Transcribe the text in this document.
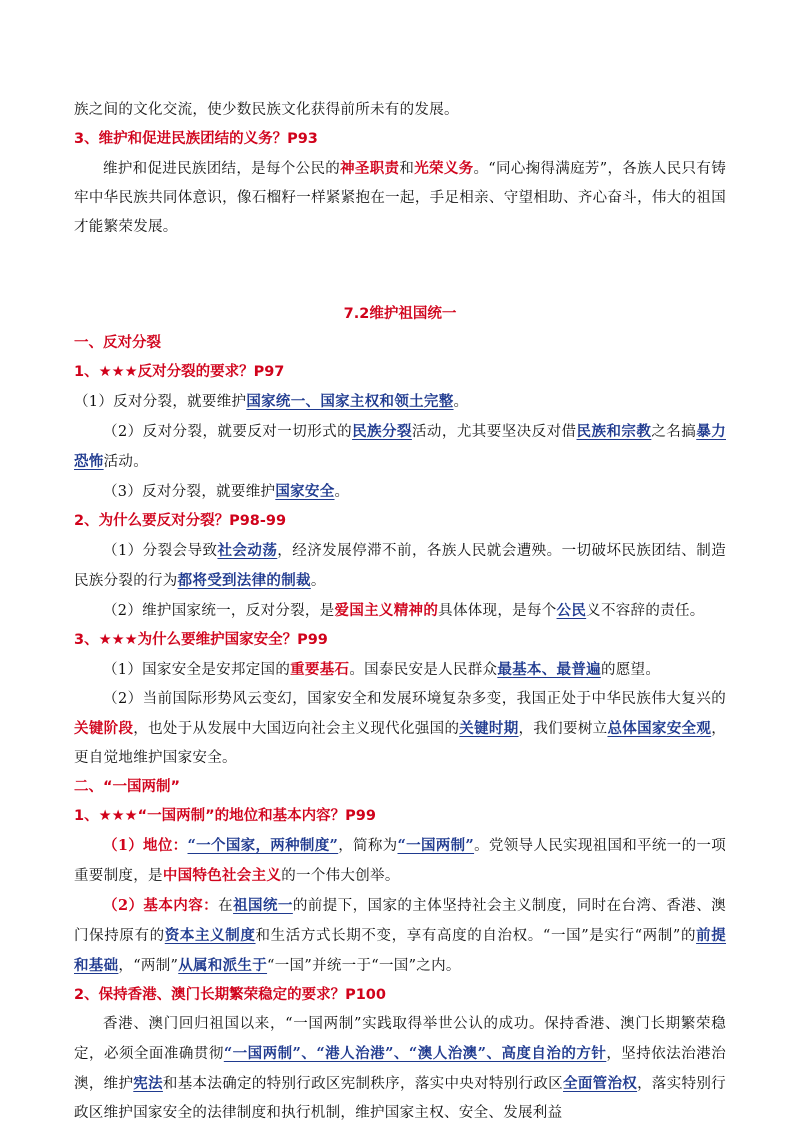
族之间的文化交流，使少数民族文化获得前所未有的发展。

3、维护和促进民族团结的义务？P93

维护和促进民族团结，是每个公民的神圣职责和光荣义务。“同心掬得满庭芳”，各族人民只有铸牢中华民族共同体意识，像石榴籽一样紧紧抱在一起，手足相亲、守望相助、齐心奋斗，伟大的祖国才能繁荣发展。

7.2维护祖国统一

一、反对分裂

1、★★★反对分裂的要求？P97

（1）反对分裂，就要维护国家统一、国家主权和领土完整。

（2）反对分裂，就要反对一切形式的民族分裂活动，尤其要坚决反对借民族和宗教之名搞暴力恐怖活动。

（3）反对分裂，就要维护国家安全。

2、为什么要反对分裂？P98-99

（1）分裂会导致社会动荡，经济发展停滞不前，各族人民就会遭殃。一切破坏民族团结、制造民族分裂的行为都将受到法律的制裁。

（2）维护国家统一，反对分裂，是爱国主义精神的具体体现，是每个公民义不容辞的责任。

3、★★★为什么要维护国家安全？P99

（1）国家安全是安邦定国的重要基石。国泰民安是人民群众最基本、最普遍的愿望。

（2）当前国际形势风云变幻，国家安全和发展环境复杂多变，我国正处于中华民族伟大复兴的关键阶段，也处于从发展中大国迈向社会主义现代化强国的关键时期，我们要树立总体国家安全观，更自觉地维护国家安全。

二、“一国两制”

1、★★★“一国两制”的地位和基本内容？P99

（1）地位：“一个国家，两种制度”，简称为“一国两制”。党领导人民实现祖国和平统一的一项重要制度，是中国特色社会主义的一个伟大创举。

（2）基本内容：在祖国统一的前提下，国家的主体坚持社会主义制度，同时在台湾、香港、澳门保持原有的资本主义制度和生活方式长期不变，享有高度的自治权。“一国”是实行“两制”的前提和基础，“两制”从属和派生于“一国”并统一于“一国”之内。

2、保持香港、澳门长期繁荣稳定的要求？P100

香港、澳门回归祖国以来，“一国两制”实践取得举世公认的成功。保持香港、澳门长期繁荣稳定，必须全面准确贯彻“一国两制”、“港人治港”、“澳人治澳”、高度自治的方针，坚持依法治港治澳，维护宪法和基本法确定的特别行政区宪制秩序，落实中央对特别行政区全面管治权，落实特别行政区维护国家安全的法律制度和执行机制，维护国家主权、安全、发展利益
